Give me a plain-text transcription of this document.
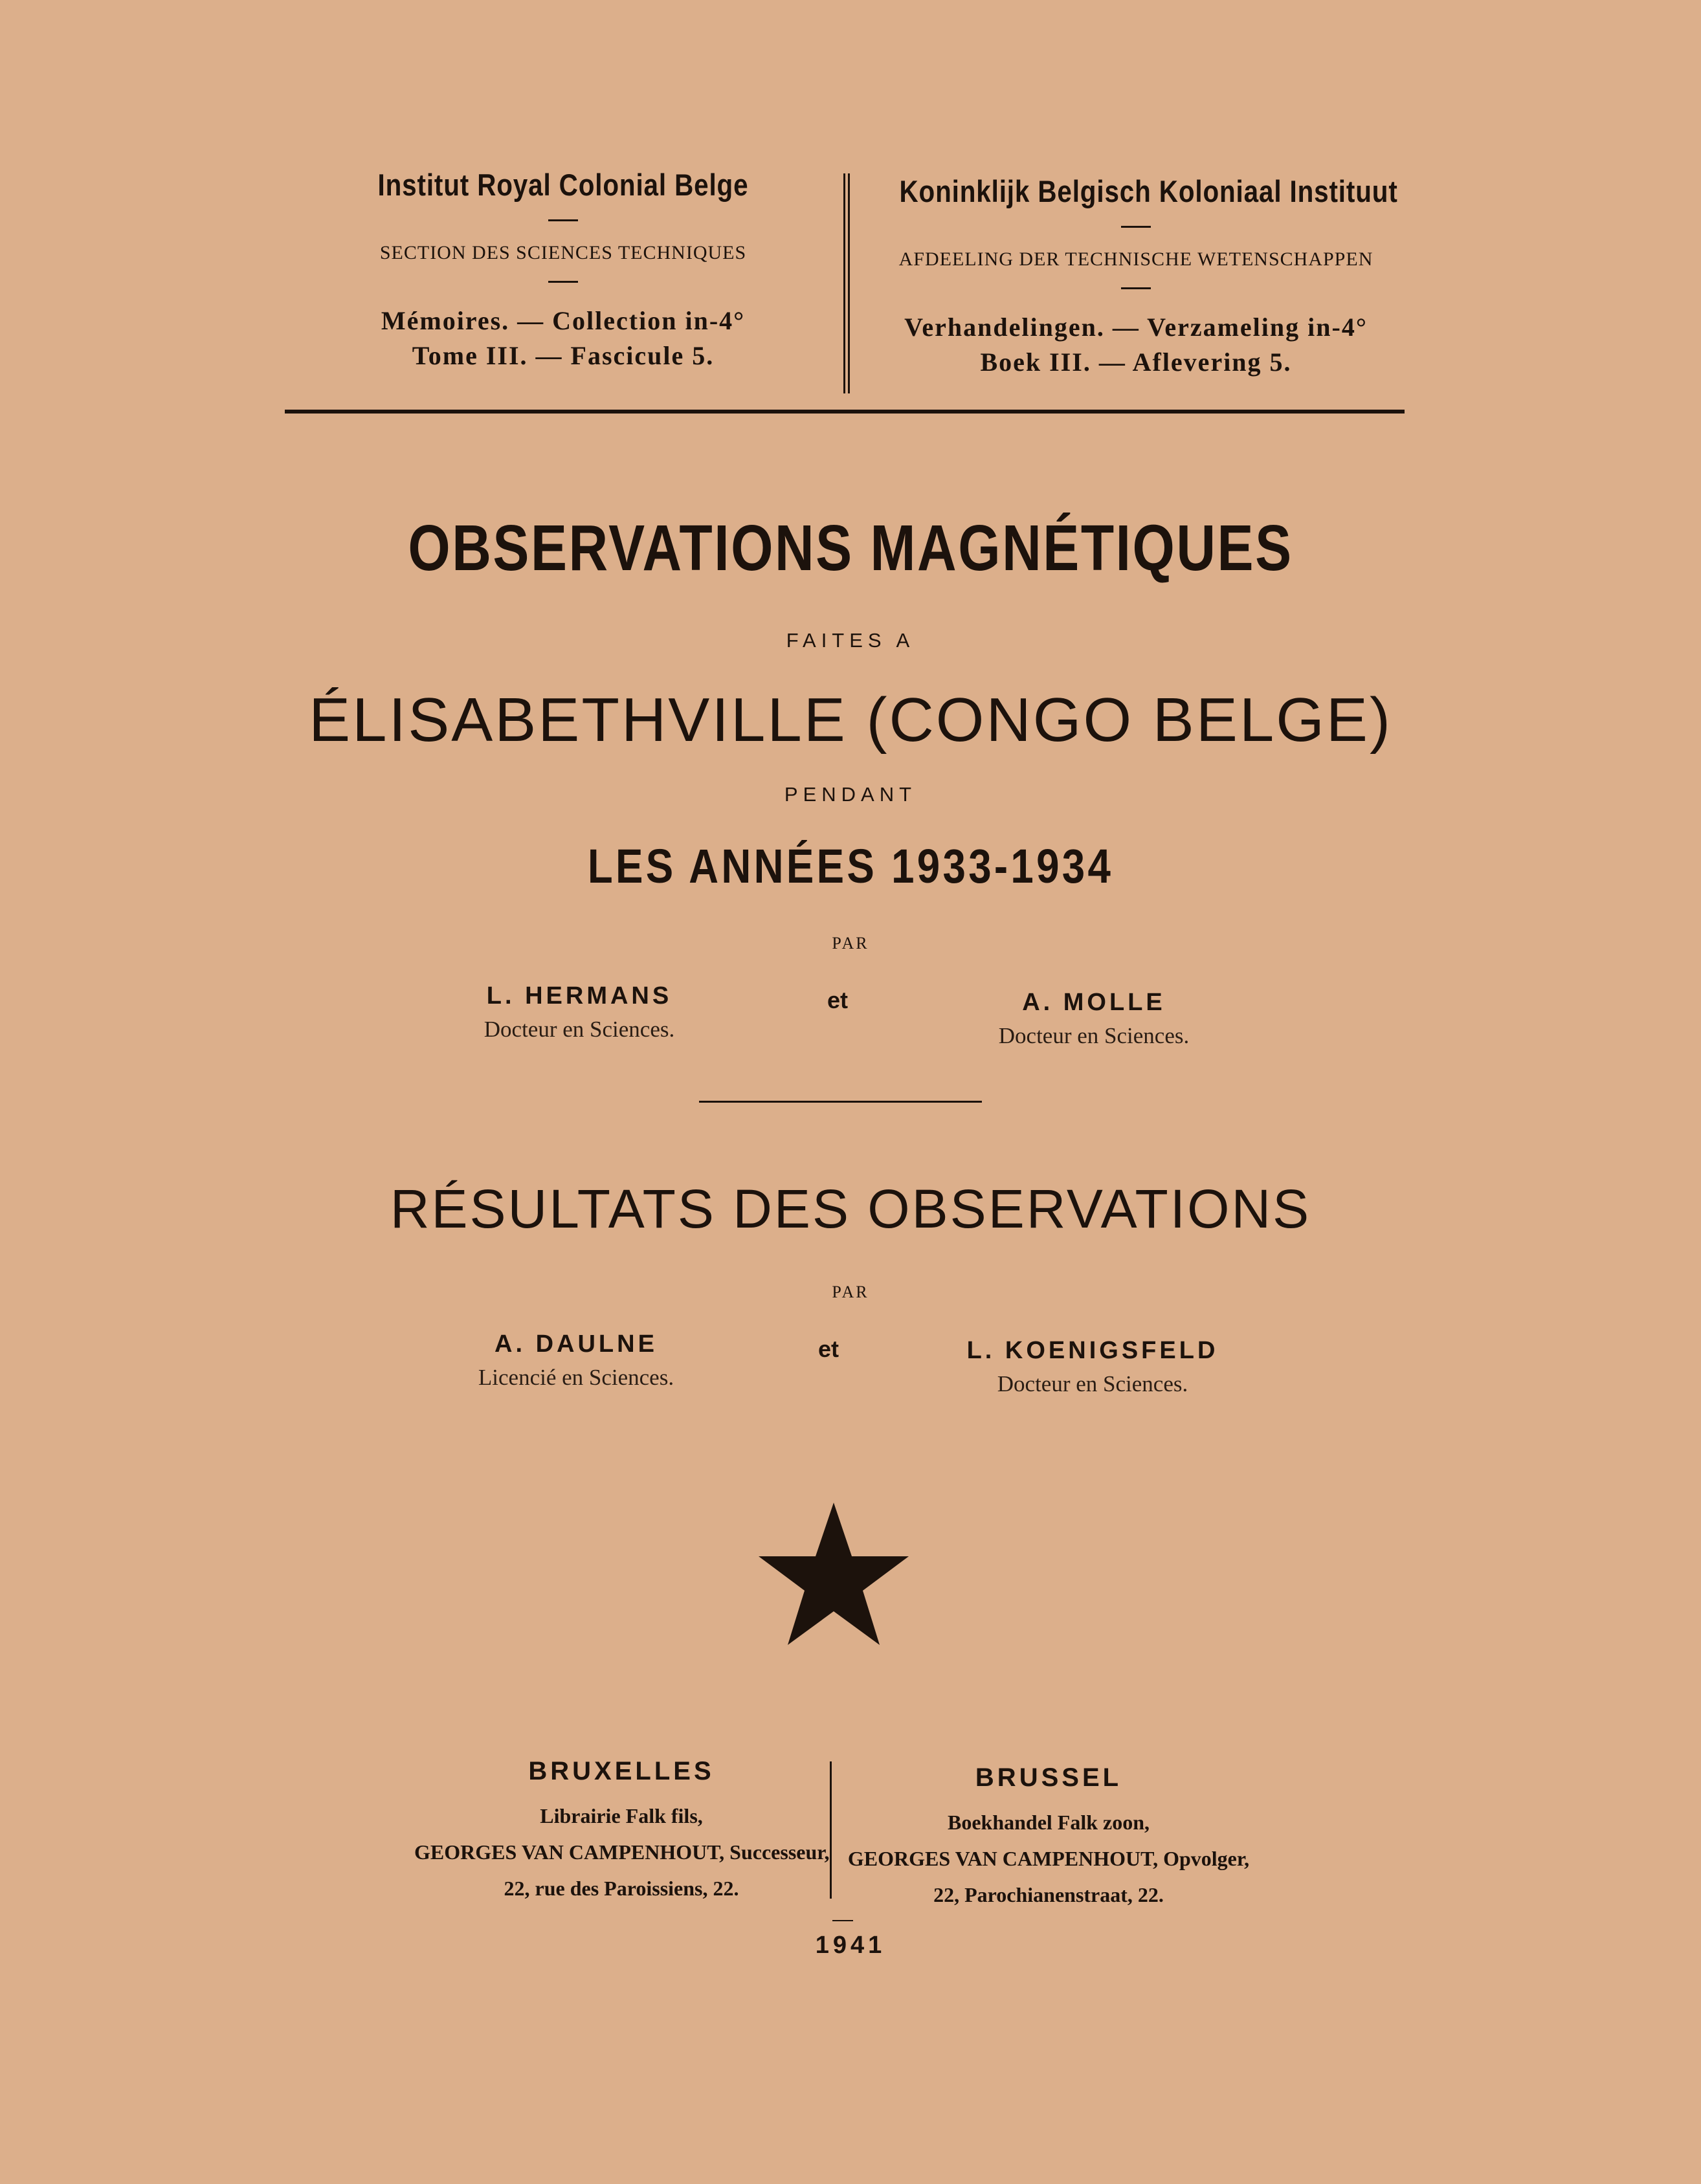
Institut Royal Colonial Belge
SECTION DES SCIENCES TECHNIQUES
Mémoires. — Collection in-4°
Tome III. — Fascicule 5.
Koninklijk Belgisch Koloniaal Instituut
AFDEELING DER TECHNISCHE WETENSCHAPPEN
Verhandelingen. — Verzameling in-4°
Boek III. — Aflevering 5.
OBSERVATIONS MAGNÉTIQUES
FAITES A
ÉLISABETHVILLE (CONGO BELGE)
PENDANT
LES ANNÉES 1933-1934
PAR
L. HERMANS
Docteur en Sciences.
et	A. MOLLE
Docteur en Sciences.
RÉSULTATS DES OBSERVATIONS
PAR
A. DAULNE
Licencié en Sciences.
et	L. KOENIGSFELD
Docteur en Sciences.
BRUXELLES
Librairie Falk fils,
GEORGES VAN CAMPENHOUT, Successeur,
22, rue des Paroissiens, 22.
BRUSSEL
Boekhandel Falk zoon,
GEORGES VAN CAMPENHOUT, Opvolger,
22, Parochianenstraat, 22.
1941
